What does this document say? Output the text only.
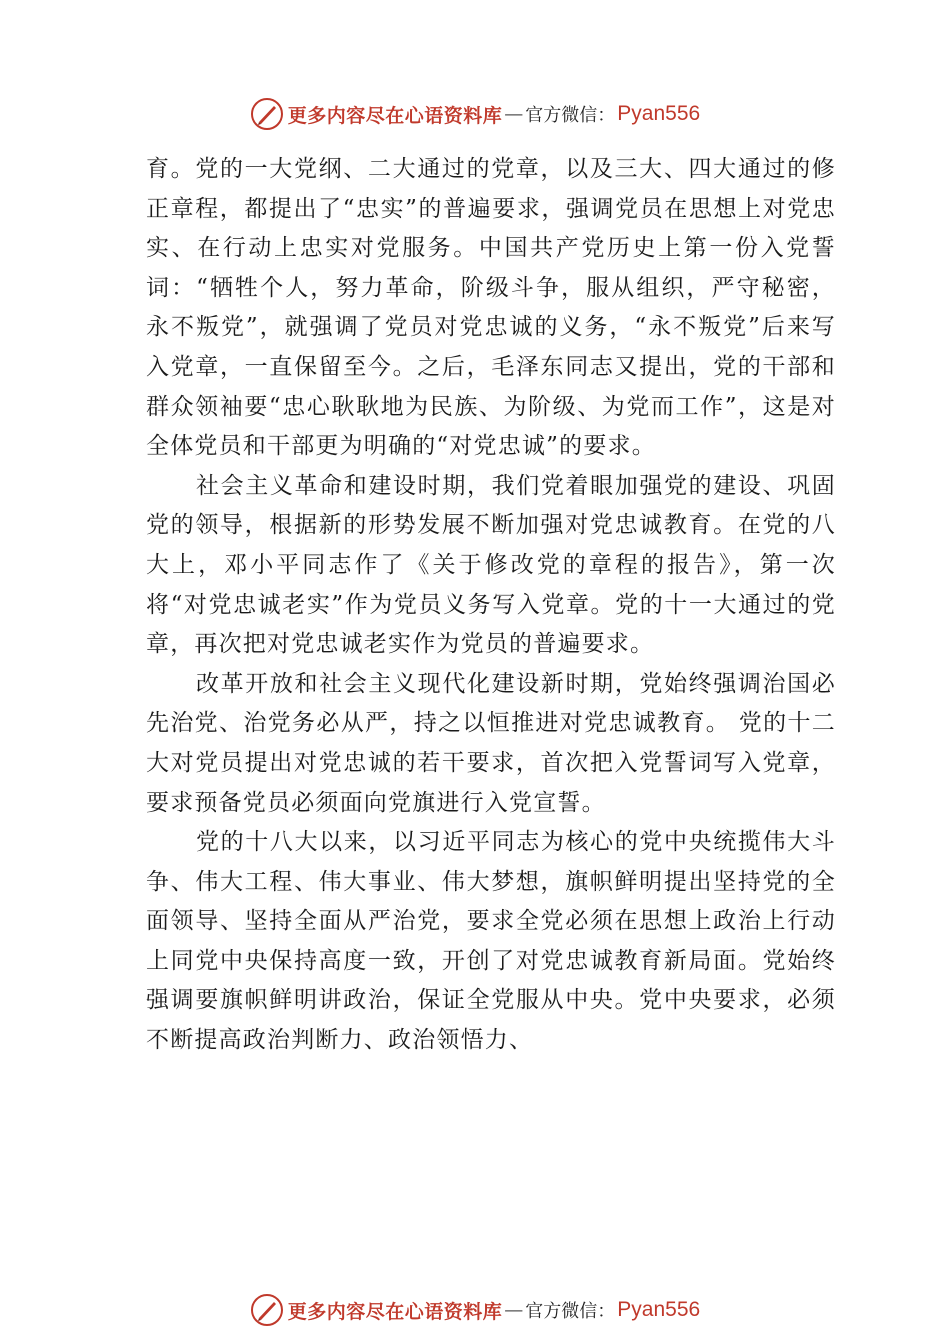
更多内容尽在心语资料库 — 官方微信： Pyan556

育。党的一大党纲、二大通过的党章，以及三大、四大通过的修正章程，都提出了“忠实”的普遍要求，强调党员在思想上对党忠实、在行动上忠实对党服务。中国共产党历史上第一份入党誓词：“牺牲个人，努力革命，阶级斗争，服从组织，严守秘密，永不叛党”，就强调了党员对党忠诚的义务，“永不叛党”后来写入党章，一直保留至今。之后，毛泽东同志又提出，党的干部和群众领袖要“忠心耿耿地为民族、为阶级、为党而工作”，这是对全体党员和干部更为明确的“对党忠诚”的要求。

社会主义革命和建设时期，我们党着眼加强党的建设、巩固党的领导，根据新的形势发展不断加强对党忠诚教育。在党的八大上，邓小平同志作了《关于修改党的章程的报告》，第一次将“对党忠诚老实”作为党员义务写入党章。党的十一大通过的党章，再次把对党忠诚老实作为党员的普遍要求。

改革开放和社会主义现代化建设新时期，党始终强调治国必先治党、治党务必从严，持之以恒推进对党忠诚教育。 党的十二大对党员提出对党忠诚的若干要求，首次把入党誓词写入党章，要求预备党员必须面向党旗进行入党宣誓。

党的十八大以来，以习近平同志为核心的党中央统揽伟大斗争、伟大工程、伟大事业、伟大梦想，旗帜鲜明提出坚持党的全面领导、坚持全面从严治党，要求全党必须在思想上政治上行动上同党中央保持高度一致，开创了对党忠诚教育新局面。党始终强调要旗帜鲜明讲政治，保证全党服从中央。党中央要求，必须不断提高政治判断力、政治领悟力、

更多内容尽在心语资料库 — 官方微信： Pyan556
